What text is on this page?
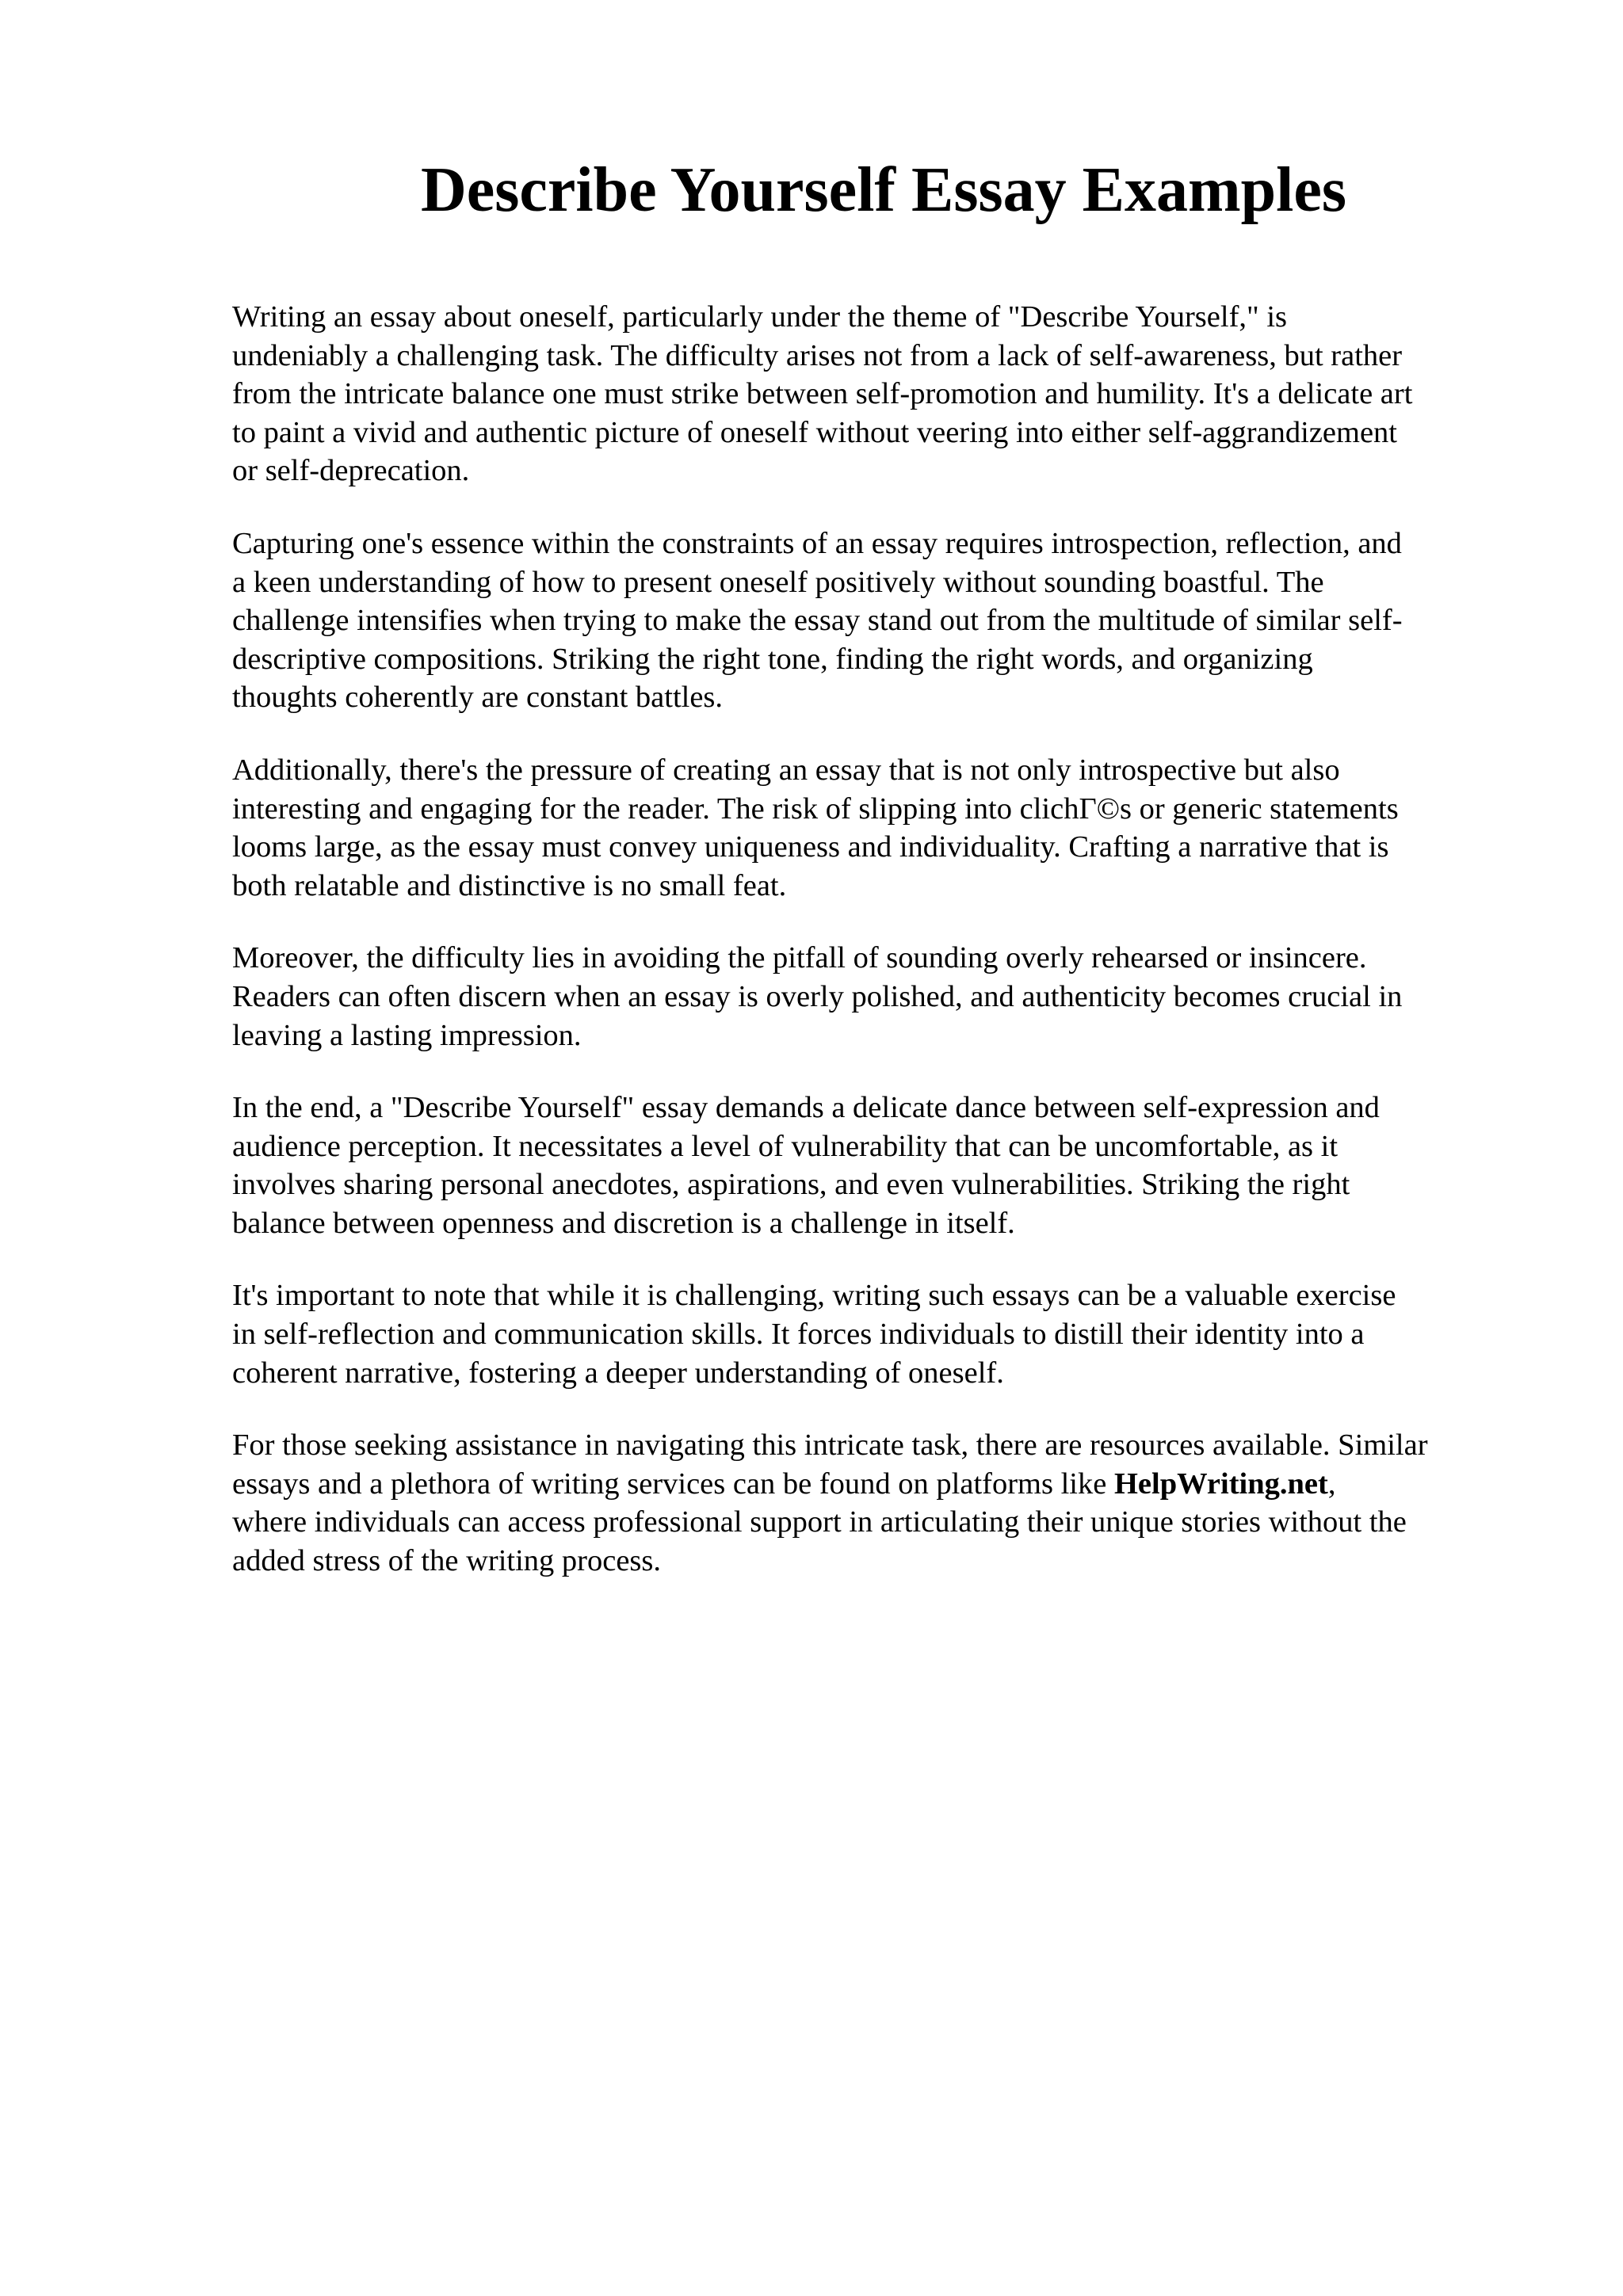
Describe Yourself Essay Examples

Writing an essay about oneself, particularly under the theme of "Describe Yourself," is
undeniably a challenging task. The difficulty arises not from a lack of self-awareness, but rather
from the intricate balance one must strike between self-promotion and humility. It's a delicate art
to paint a vivid and authentic picture of oneself without veering into either self-aggrandizement
or self-deprecation.

Capturing one's essence within the constraints of an essay requires introspection, reflection, and
a keen understanding of how to present oneself positively without sounding boastful. The
challenge intensifies when trying to make the essay stand out from the multitude of similar self-
descriptive compositions. Striking the right tone, finding the right words, and organizing
thoughts coherently are constant battles.

Additionally, there's the pressure of creating an essay that is not only introspective but also
interesting and engaging for the reader. The risk of slipping into clichГ©s or generic statements
looms large, as the essay must convey uniqueness and individuality. Crafting a narrative that is
both relatable and distinctive is no small feat.

Moreover, the difficulty lies in avoiding the pitfall of sounding overly rehearsed or insincere.
Readers can often discern when an essay is overly polished, and authenticity becomes crucial in
leaving a lasting impression.

In the end, a "Describe Yourself" essay demands a delicate dance between self-expression and
audience perception. It necessitates a level of vulnerability that can be uncomfortable, as it
involves sharing personal anecdotes, aspirations, and even vulnerabilities. Striking the right
balance between openness and discretion is a challenge in itself.

It's important to note that while it is challenging, writing such essays can be a valuable exercise
in self-reflection and communication skills. It forces individuals to distill their identity into a
coherent narrative, fostering a deeper understanding of oneself.

For those seeking assistance in navigating this intricate task, there are resources available. Similar
essays and a plethora of writing services can be found on platforms like HelpWriting.net,
where individuals can access professional support in articulating their unique stories without the
added stress of the writing process.
